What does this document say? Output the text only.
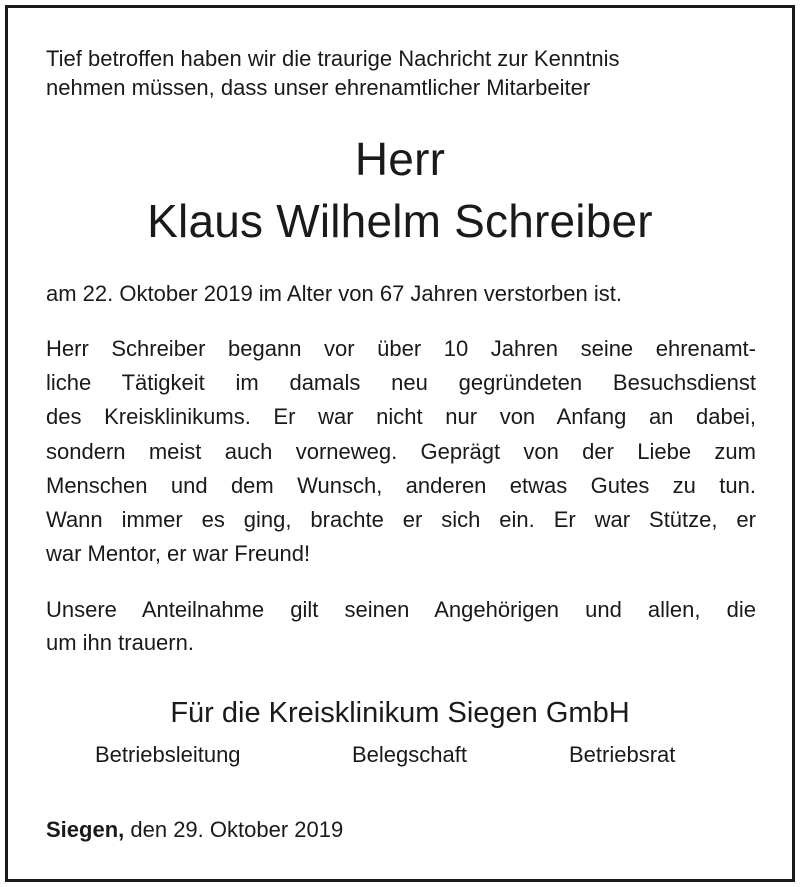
Tief betroffen haben wir die traurige Nachricht zur Kenntnis
nehmen müssen, dass unser ehrenamtlicher Mitarbeiter
Herr
Klaus Wilhelm Schreiber
am 22. Oktober 2019 im Alter von 67 Jahren verstorben ist.
Herr Schreiber begann vor über 10 Jahren seine ehrenamt-
liche Tätigkeit im damals neu gegründeten Besuchsdienst
des Kreisklinikums. Er war nicht nur von Anfang an dabei,
sondern meist auch vorneweg. Geprägt von der Liebe zum
Menschen und dem Wunsch, anderen etwas Gutes zu tun.
Wann immer es ging, brachte er sich ein. Er war Stütze, er
war Mentor, er war Freund!
Unsere Anteilnahme gilt seinen Angehörigen und allen, die
um ihn trauern.
Für die Kreisklinikum Siegen GmbH
Betriebsleitung	Belegschaft	Betriebsrat
Siegen, den 29. Oktober 2019
